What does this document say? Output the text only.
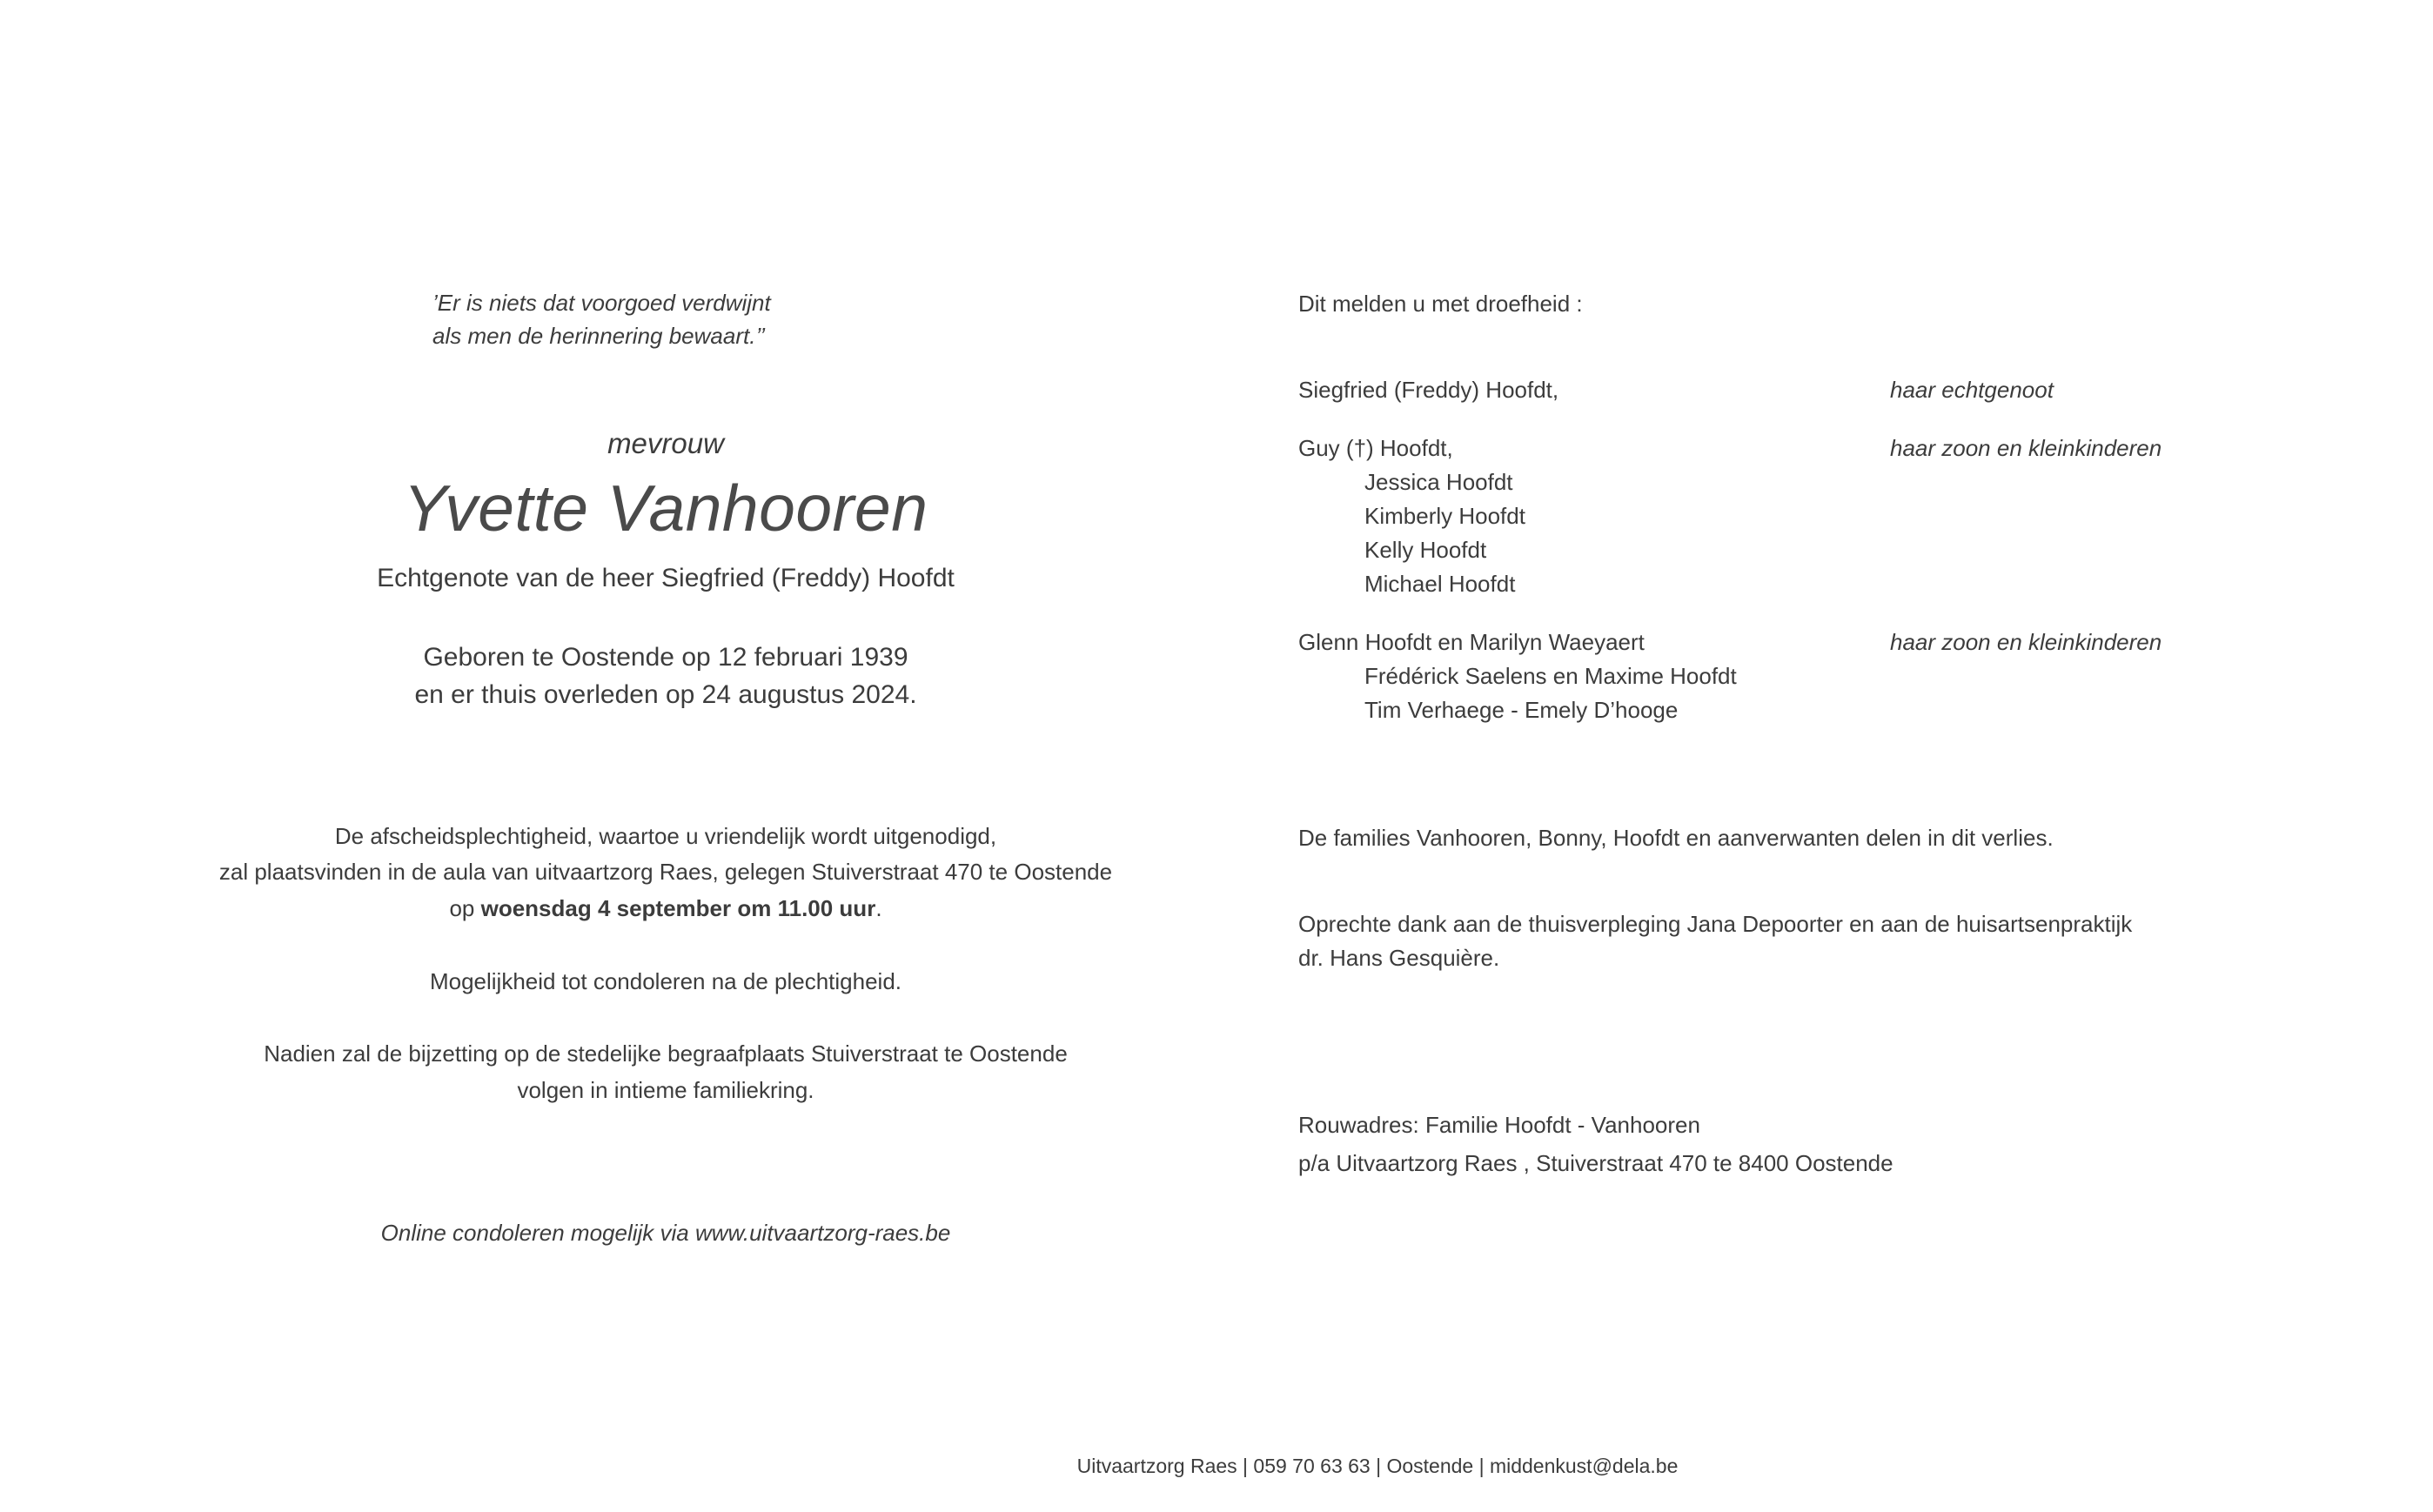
’Er is niets dat voorgoed verdwijnt
als men de herinnering bewaart.’’
mevrouw
Yvette Vanhooren
Echtgenote van de heer Siegfried (Freddy) Hoofdt
Geboren te Oostende op 12 februari 1939
en er thuis overleden op 24 augustus 2024.
De afscheidsplechtigheid, waartoe u vriendelijk wordt uitgenodigd,
zal plaatsvinden in de aula van uitvaartzorg Raes, gelegen Stuiverstraat 470 te Oostende
op woensdag 4 september om 11.00 uur.
Mogelijkheid tot condoleren na de plechtigheid.
Nadien zal de bijzetting op de stedelijke begraafplaats Stuiverstraat te Oostende
volgen in intieme familiekring.
Online condoleren mogelijk via www.uitvaartzorg-raes.be
Dit melden u met droefheid :
Siegfried (Freddy) Hoofdt,	haar echtgenoot
Guy (†) Hoofdt,	haar zoon en kleinkinderen
Jessica Hoofdt
Kimberly Hoofdt
Kelly Hoofdt
Michael Hoofdt
Glenn Hoofdt en Marilyn Waeyaert	haar zoon en kleinkinderen
Frédérick Saelens en Maxime Hoofdt
Tim Verhaege - Emely D’hooge
De families Vanhooren, Bonny, Hoofdt en aanverwanten delen in dit verlies.
Oprechte dank aan de thuisverpleging Jana Depoorter en aan de huisartsenpraktijk
dr. Hans Gesquière.
Rouwadres: Familie Hoofdt - Vanhooren
p/a Uitvaartzorg Raes , Stuiverstraat 470 te 8400 Oostende
Uitvaartzorg Raes | 059 70 63 63 | Oostende | middenkust@dela.be
